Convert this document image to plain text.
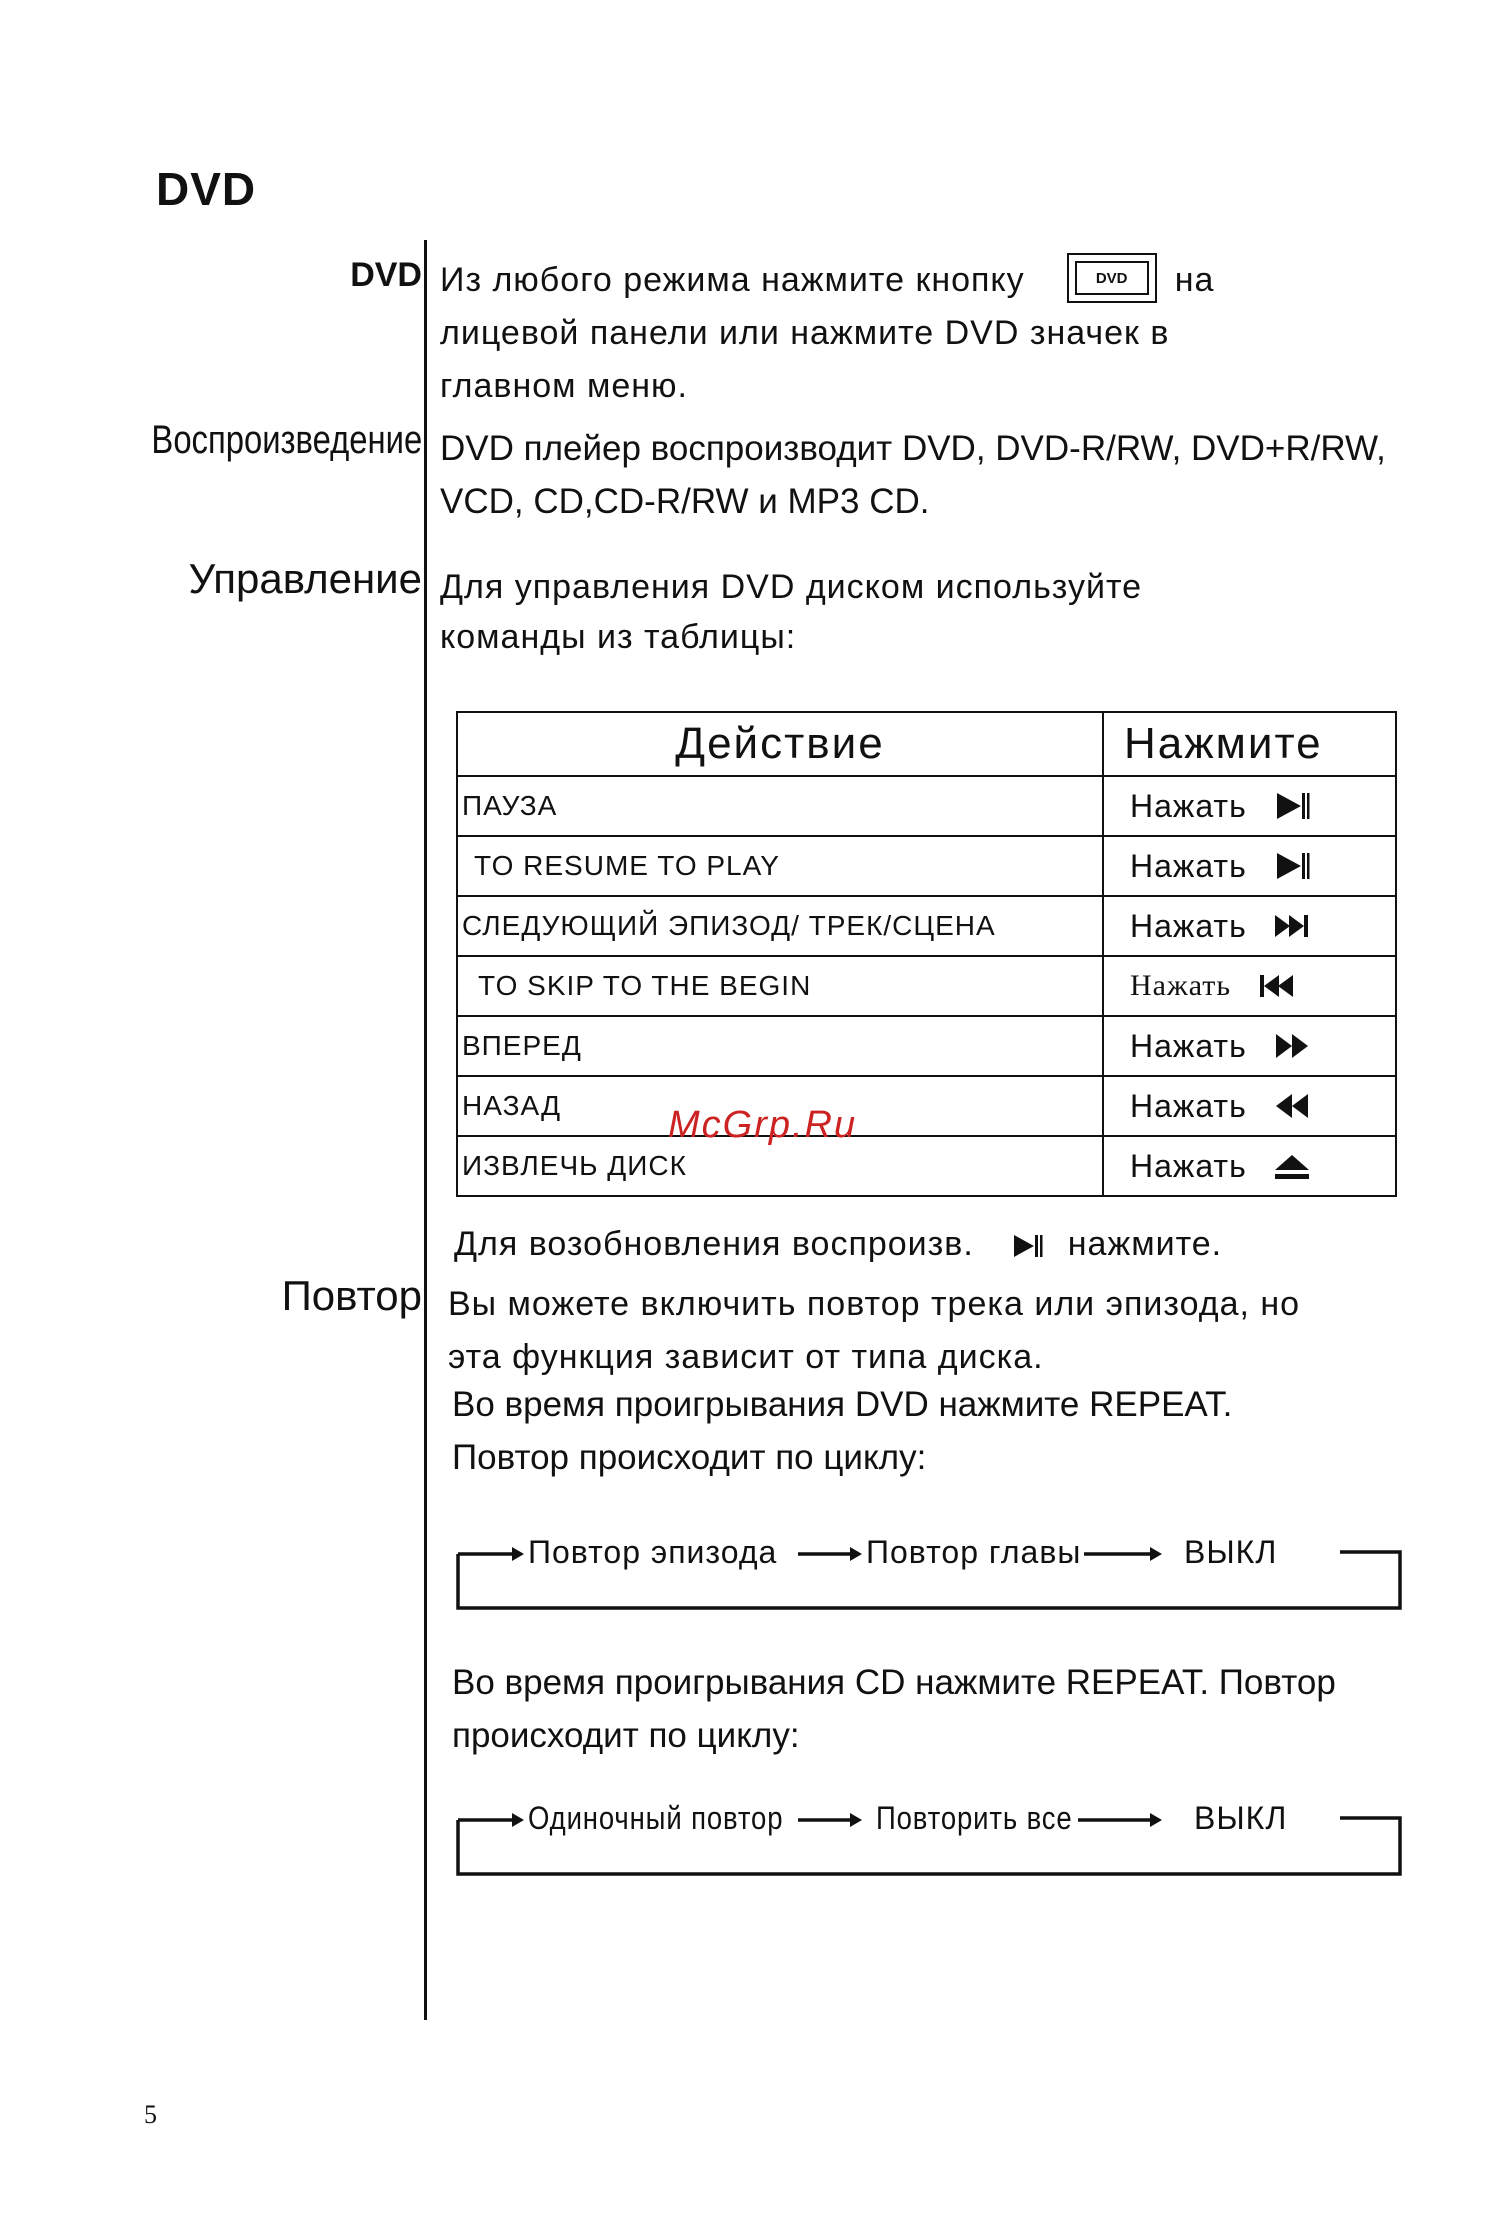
DVD
DVD
Воспроизведение
Управление
Повтор
Из любого режима нажмите кнопку	DVD	на
лицевой панели или нажмите DVD значек в
главном меню.
DVD плейер воспроизводит DVD, DVD-R/RW, DVD+R/RW,
VCD, CD,CD-R/RW и MP3 CD.
Для управления DVD диском используйте
команды из таблицы:
Действие	Нажмите

ПАУЗА	Нажать

TO RESUME TO PLAY	Нажать

СЛЕДУЮЩИЙ ЭПИЗОД/ ТРЕК/СЦЕНА	Нажать

TO SKIP TO THE BEGIN	Нажать

ВПЕРЕД	Нажать

НАЗАД	Нажать

ИЗВЛЕЧЬ ДИСК	Нажать
McGrp.Ru
Для возобновления воспроизв.	нажмите.
Вы можете включить повтор трека или эпизода, но
эта функция зависит от типа диска.
Во время проигрывания DVD нажмите REPEAT.
Повтор происходит по циклу:
Повтор эпизода	Повтор главы	ВЫКЛ
Во время проигрывания CD нажмите REPEAT. Повтор
происходит по циклу:
Одиночный повтор	Повторить все	ВЫКЛ
5
